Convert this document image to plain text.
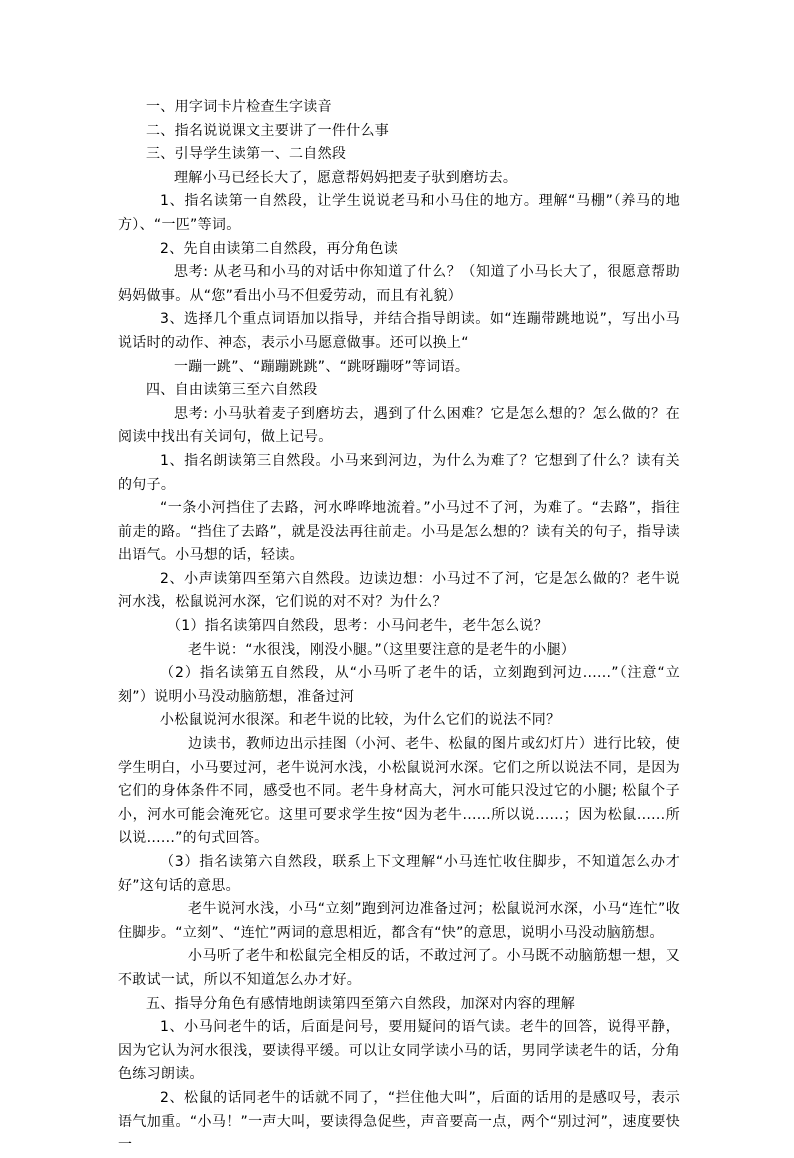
一、用字词卡片检查生字读音

二、指名说说课文主要讲了一件什么事

三、引导学生读第一、二自然段

理解小马已经长大了，愿意帮妈妈把麦子驮到磨坊去。

1、指名读第一自然段，让学生说说老马和小马住的地方。理解“马棚”（养马的地方）、“一匹”等词。

2、先自由读第二自然段，再分角色读

思考: 从老马和小马的对话中你知道了什么？（知道了小马长大了，很愿意帮助妈妈做事。从“您”看出小马不但爱劳动，而且有礼貌）

3、选择几个重点词语加以指导，并结合指导朗读。如“连蹦带跳地说”，写出小马说话时的动作、神态，表示小马愿意做事。还可以换上“

一蹦一跳”、“蹦蹦跳跳”、“跳呀蹦呀”等词语。

四、自由读第三至六自然段

思考: 小马驮着麦子到磨坊去，遇到了什么困难？它是怎么想的？怎么做的？在阅读中找出有关词句，做上记号。

1、指名朗读第三自然段。小马来到河边，为什么为难了？它想到了什么？读有关的句子。

“一条小河挡住了去路，河水哗哗地流着。”小马过不了河，为难了。“去路”，指往前走的路。“挡住了去路”，就是没法再往前走。小马是怎么想的？读有关的句子，指导读出语气。小马想的话，轻读。

2、小声读第四至第六自然段。边读边想：小马过不了河，它是怎么做的？老牛说河水浅，松鼠说河水深，它们说的对不对？为什么？

（1）指名读第四自然段，思考：小马问老牛，老牛怎么说？

老牛说：“水很浅，刚没小腿。”（这里要注意的是老牛的小腿）

（2）指名读第五自然段，从“小马听了老牛的话，立刻跑到河边......”（注意“立刻”）说明小马没动脑筋想，准备过河

小松鼠说河水很深。和老牛说的比较，为什么它们的说法不同？

边读书，教师边出示挂图（小河、老牛、松鼠的图片或幻灯片）进行比较，使学生明白，小马要过河，老牛说河水浅，小松鼠说河水深。它们之所以说法不同，是因为它们的身体条件不同，感受也不同。老牛身材高大，河水可能只没过它的小腿; 松鼠个子小，河水可能会淹死它。这里可要求学生按“因为老牛......所以说......；因为松鼠......所以说......”的句式回答。

（3）指名读第六自然段，联系上下文理解“小马连忙收住脚步，不知道怎么办才好”这句话的意思。

老牛说河水浅，小马“立刻”跑到河边准备过河；松鼠说河水深，小马“连忙”收住脚步。“立刻”、“连忙”两词的意思相近，都含有“快”的意思，说明小马没动脑筋想。

小马听了老牛和松鼠完全相反的话，不敢过河了。小马既不动脑筋想一想，又不敢试一试，所以不知道怎么办才好。

五、指导分角色有感情地朗读第四至第六自然段，加深对内容的理解

1、小马问老牛的话，后面是问号，要用疑问的语气读。老牛的回答，说得平静，因为它认为河水很浅，要读得平缓。可以让女同学读小马的话，男同学读老牛的话，分角色练习朗读。

2、松鼠的话同老牛的话就不同了，“拦住他大叫”，后面的话用的是感叹号，表示语气加重。“小马！”一声大叫，要读得急促些，声音要高一点，两个“别过河”，速度要快一
